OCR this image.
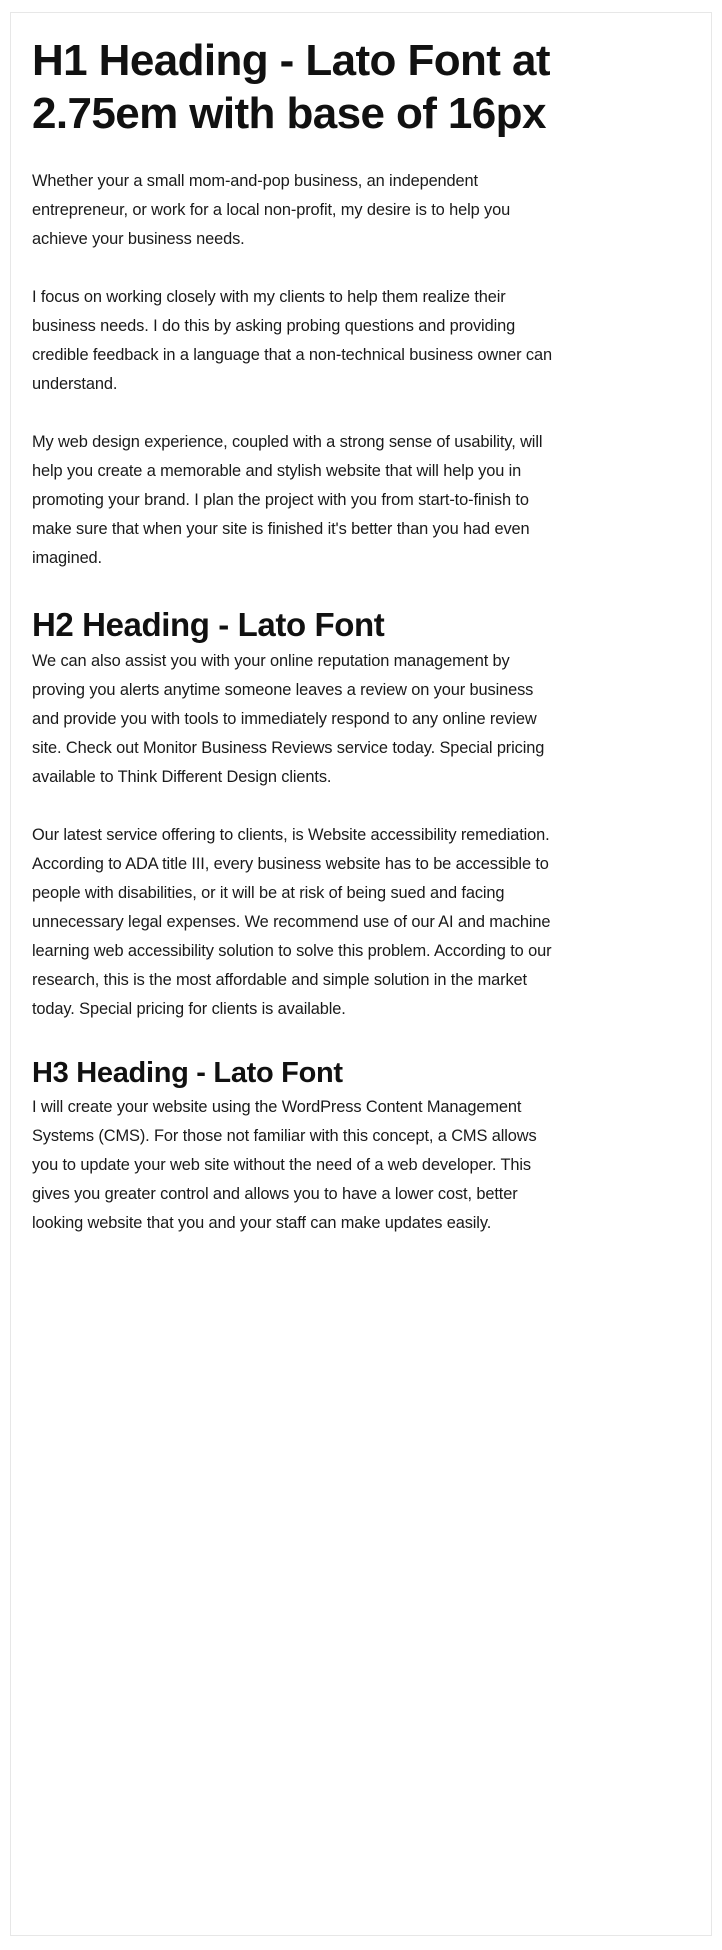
H1 Heading - Lato Font at 2.75em with base of 16px

Whether your a small mom-and-pop business, an independent entrepreneur, or work for a local non-profit, my desire is to help you achieve your business needs.

I focus on working closely with my clients to help them realize their business needs. I do this by asking probing questions and providing credible feedback in a language that a non-technical business owner can understand.

My web design experience, coupled with a strong sense of usability, will help you create a memorable and stylish website that will help you in promoting your brand. I plan the project with you from start-to-finish to make sure that when your site is finished it's better than you had even imagined.

H2 Heading - Lato Font

We can also assist you with your online reputation management by proving you alerts anytime someone leaves a review on your business and provide you with tools to immediately respond to any online review site. Check out Monitor Business Reviews service today. Special pricing available to Think Different Design clients.

Our latest service offering to clients, is Website accessibility remediation. According to ADA title III, every business website has to be accessible to people with disabilities, or it will be at risk of being sued and facing unnecessary legal expenses. We recommend use of our AI and machine learning web accessibility solution to solve this problem. According to our research, this is the most affordable and simple solution in the market today. Special pricing for clients is available.

H3 Heading - Lato Font

I will create your website using the WordPress Content Management Systems (CMS). For those not familiar with this concept, a CMS allows you to update your web site without the need of a web developer. This gives you greater control and allows you to have a lower cost, better looking website that you and your staff can make updates easily.
